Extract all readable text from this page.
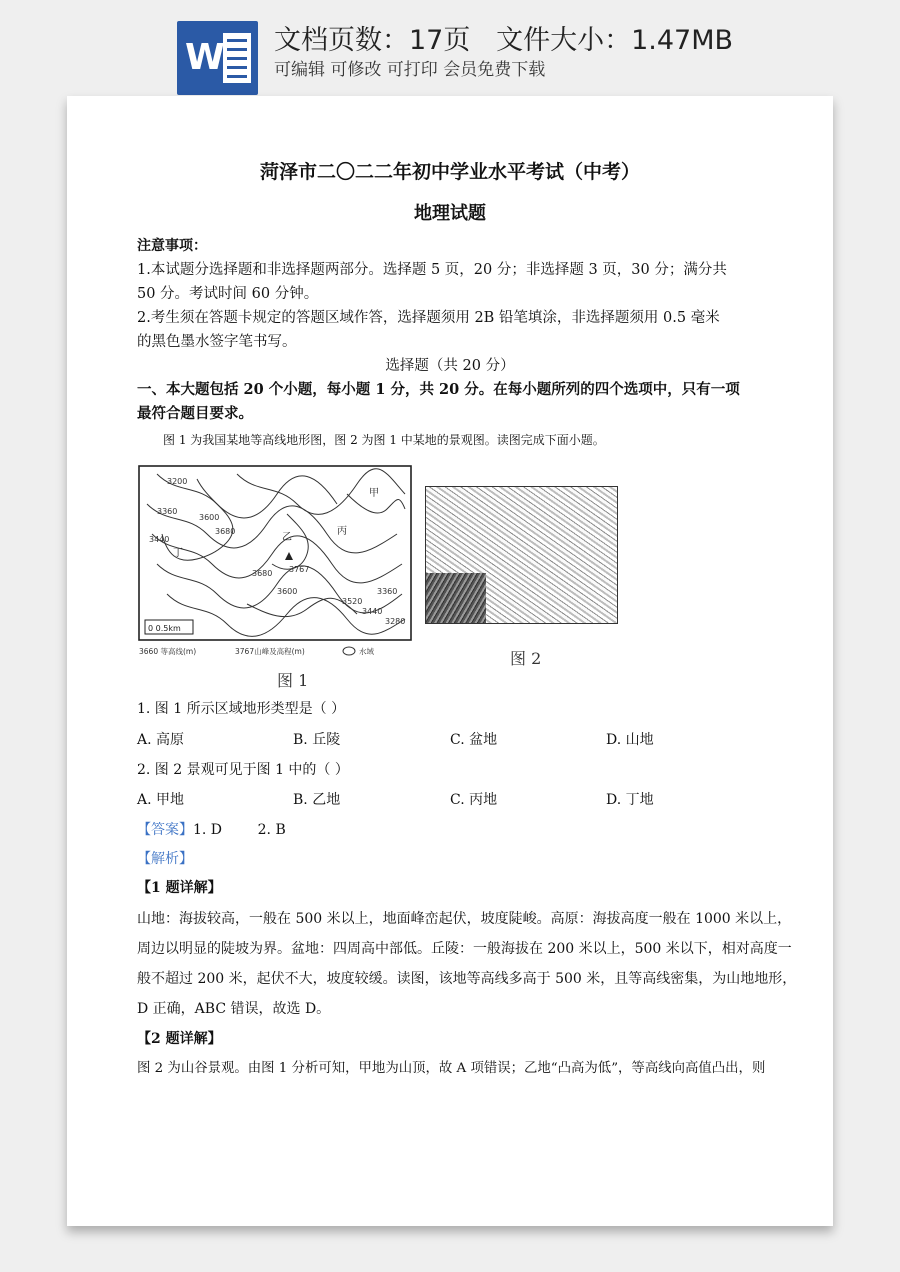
W 文档页数：17页   文件大小：1.47MB
可编辑 可修改 可打印 会员免费下载
菏泽市二〇二二年初中学业水平考试（中考）
地理试题
注意事项：
1.本试题分选择题和非选择题两部分。选择题 5 页，20 分；非选择题 3 页，30 分；满分共
50 分。考试时间 60 分钟。
2.考生须在答题卡规定的答题区域作答，选择题须用 2B 铅笔填涂，非选择题须用 0.5 毫米
的黑色墨水签字笔书写。
选择题（共 20 分）
一、本大题包括 20 个小题，每小题 1 分，共 20 分。在每小题所列的四个选项中，只有一项
最符合题目要求。
图 1 为我国某地等高线地形图，图 2 为图 1 中某地的景观图。读图完成下面小题。
3200
3360
3600
3680
3440
3680
3520
3440
3360
3280
3767
3600
甲
乙
丙
丁
0 0.5km
3660 等高线(m)	3767山峰及高程(m)	水域
图 1
图 2
1. 图 1 所示区域地形类型是（ ）
A. 高原	B. 丘陵	C. 盆地	D. 山地
2. 图 2 景观可见于图 1 中的（ ）
A. 甲地	B. 乙地	C. 丙地	D. 丁地
【答案】1. D        2. B
【解析】
【1 题详解】
山地：海拔较高，一般在 500 米以上，地面峰峦起伏，坡度陡峻。高原：海拔高度一般在 1000 米以上，
周边以明显的陡坡为界。盆地：四周高中部低。丘陵：一般海拔在 200 米以上，500 米以下，相对高度一
般不超过 200 米，起伏不大，坡度较缓。读图，该地等高线多高于 500 米，且等高线密集，为山地地形，
D 正确，ABC 错误，故选 D。
【2 题详解】
图 2 为山谷景观。由图 1 分析可知，甲地为山顶，故 A 项错误；乙地“凸高为低”，等高线向高值凸出，则
